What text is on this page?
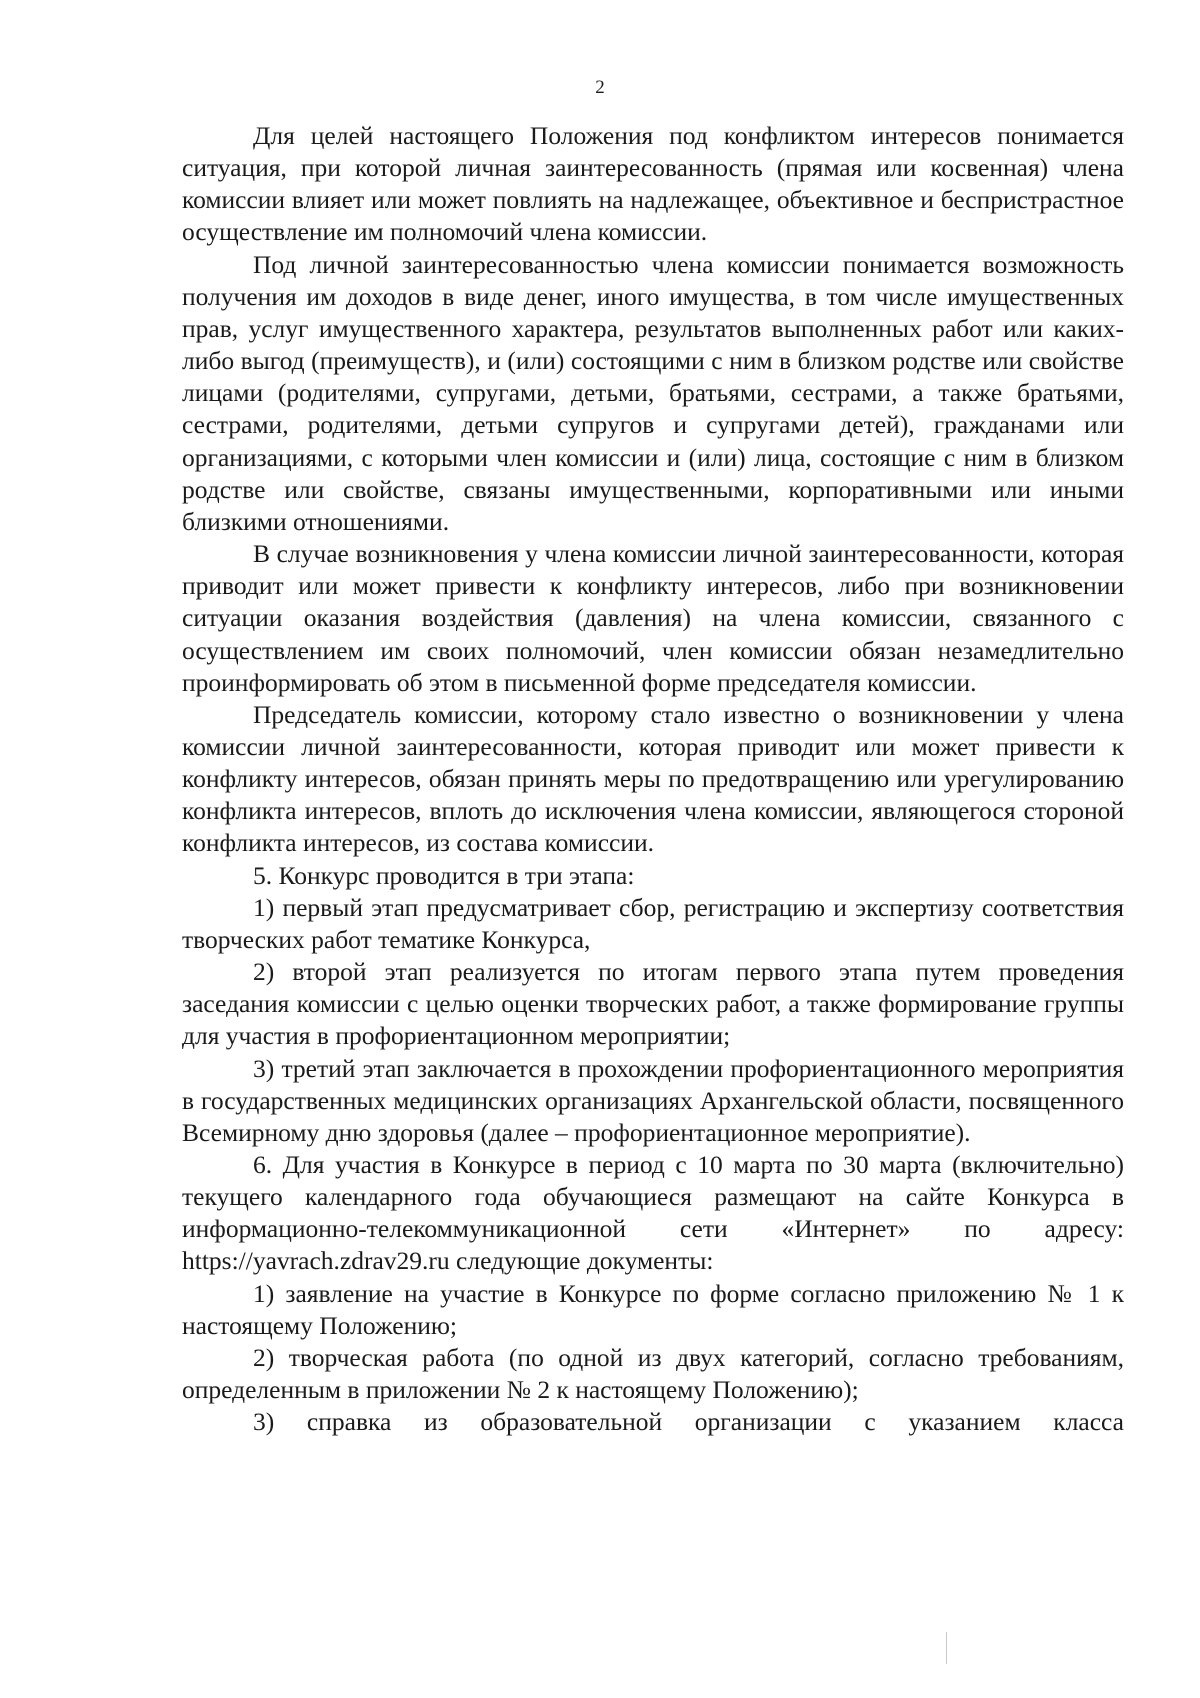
2

Для целей настоящего Положения под конфликтом интересов понимается ситуация, при которой личная заинтересованность (прямая или косвенная) члена комиссии влияет или может повлиять на надлежащее, объективное и беспристрастное осуществление им полномочий члена комиссии.

Под личной заинтересованностью члена комиссии понимается возможность получения им доходов в виде денег, иного имущества, в том числе имущественных прав, услуг имущественного характера, результатов выполненных работ или каких-либо выгод (преимуществ), и (или) состоящими с ним в близком родстве или свойстве лицами (родителями, супругами, детьми, братьями, сестрами, а также братьями, сестрами, родителями, детьми супругов и супругами детей), гражданами или организациями, с которыми член комиссии и (или) лица, состоящие с ним в близком родстве или свойстве, связаны имущественными, корпоративными или иными близкими отношениями.

В случае возникновения у члена комиссии личной заинтересованности, которая приводит или может привести к конфликту интересов, либо при возникновении ситуации оказания воздействия (давления) на члена комиссии, связанного с осуществлением им своих полномочий, член комиссии обязан незамедлительно проинформировать об этом в письменной форме председателя комиссии.

Председатель комиссии, которому стало известно о возникновении у члена комиссии личной заинтересованности, которая приводит или может привести к конфликту интересов, обязан принять меры по предотвращению или урегулированию конфликта интересов, вплоть до исключения члена комиссии, являющегося стороной конфликта интересов, из состава комиссии.

5. Конкурс проводится в три этапа:

1) первый этап предусматривает сбор, регистрацию и экспертизу соответствия творческих работ тематике Конкурса,

2) второй этап реализуется по итогам первого этапа путем проведения заседания комиссии с целью оценки творческих работ, а также формирование группы для участия в профориентационном мероприятии;

3) третий этап заключается в прохождении профориентационного мероприятия в государственных медицинских организациях Архангельской области, посвященного Всемирному дню здоровья (далее – профориентационное мероприятие).

6. Для участия в Конкурсе в период с 10 марта по 30 марта (включительно) текущего календарного года обучающиеся размещают на сайте Конкурса в информационно-телекоммуникационной сети «Интернет» по адресу: https://yavrach.zdrav29.ru следующие документы:

1) заявление на участие в Конкурсе по форме согласно приложению № 1 к настоящему Положению;

2) творческая работа (по одной из двух категорий, согласно требованиям, определенным в приложении № 2 к настоящему Положению);

3) справка из образовательной организации с указанием класса
